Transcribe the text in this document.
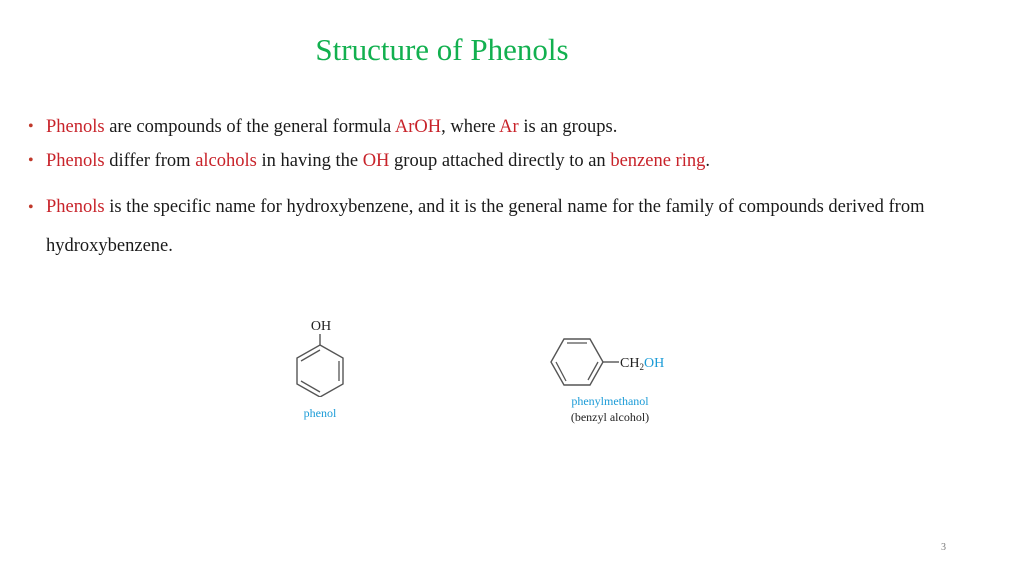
Structure of Phenols
• Phenols are compounds of the general formula ArOH, where Ar is an groups.
• Phenols differ from alcohols in having the OH group attached directly to an benzene ring.
• Phenols is the specific name for hydroxybenzene, and it is the general name for the family of compounds derived from hydroxybenzene.
OH
phenol
$CH_2OH$
phenylmethanol
(benzyl alcohol)
3
